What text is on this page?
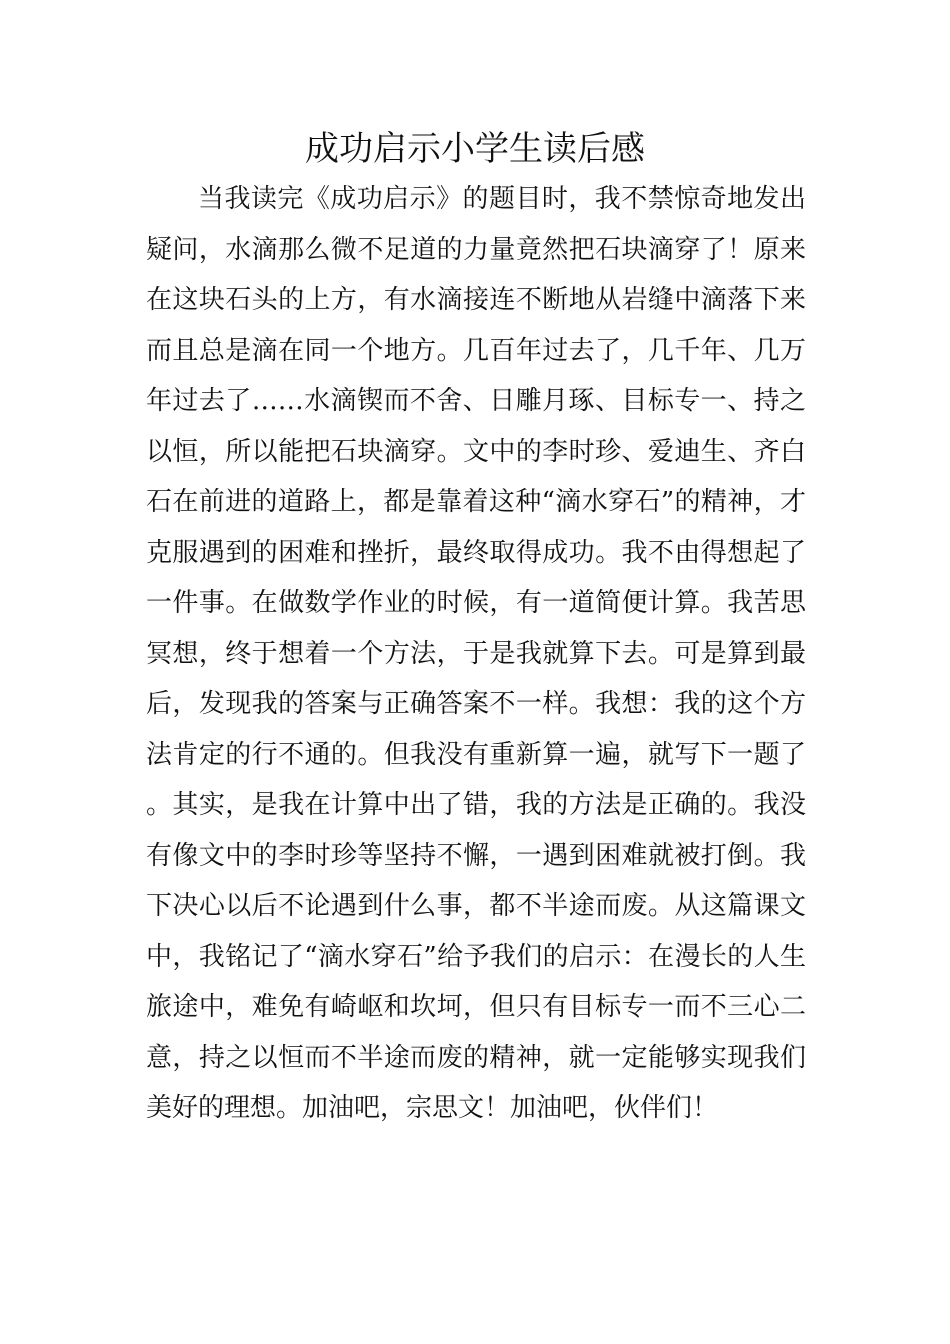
成功启示小学生读后感

当我读完《成功启示》的题目时，我不禁惊奇地发出疑问，水滴那么微不足道的力量竟然把石块滴穿了！原来在这块石头的上方，有水滴接连不断地从岩缝中滴落下来而且总是滴在同一个地方。几百年过去了，几千年、几万年过去了……水滴锲而不舍、日雕月琢、目标专一、持之以恒，所以能把石块滴穿。文中的李时珍、爱迪生、齐白石在前进的道路上，都是靠着这种“滴水穿石”的精神，才克服遇到的困难和挫折，最终取得成功。我不由得想起了一件事。在做数学作业的时候，有一道简便计算。我苦思冥想，终于想着一个方法，于是我就算下去。可是算到最后，发现我的答案与正确答案不一样。我想：我的这个方法肯定的行不通的。但我没有重新算一遍，就写下一题了。其实，是我在计算中出了错，我的方法是正确的。我没有像文中的李时珍等坚持不懈，一遇到困难就被打倒。我下决心以后不论遇到什么事，都不半途而废。从这篇课文中，我铭记了“滴水穿石”给予我们的启示：在漫长的人生旅途中，难免有崎岖和坎坷，但只有目标专一而不三心二意，持之以恒而不半途而废的精神，就一定能够实现我们美好的理想。加油吧，宗思文！加油吧，伙伴们！
